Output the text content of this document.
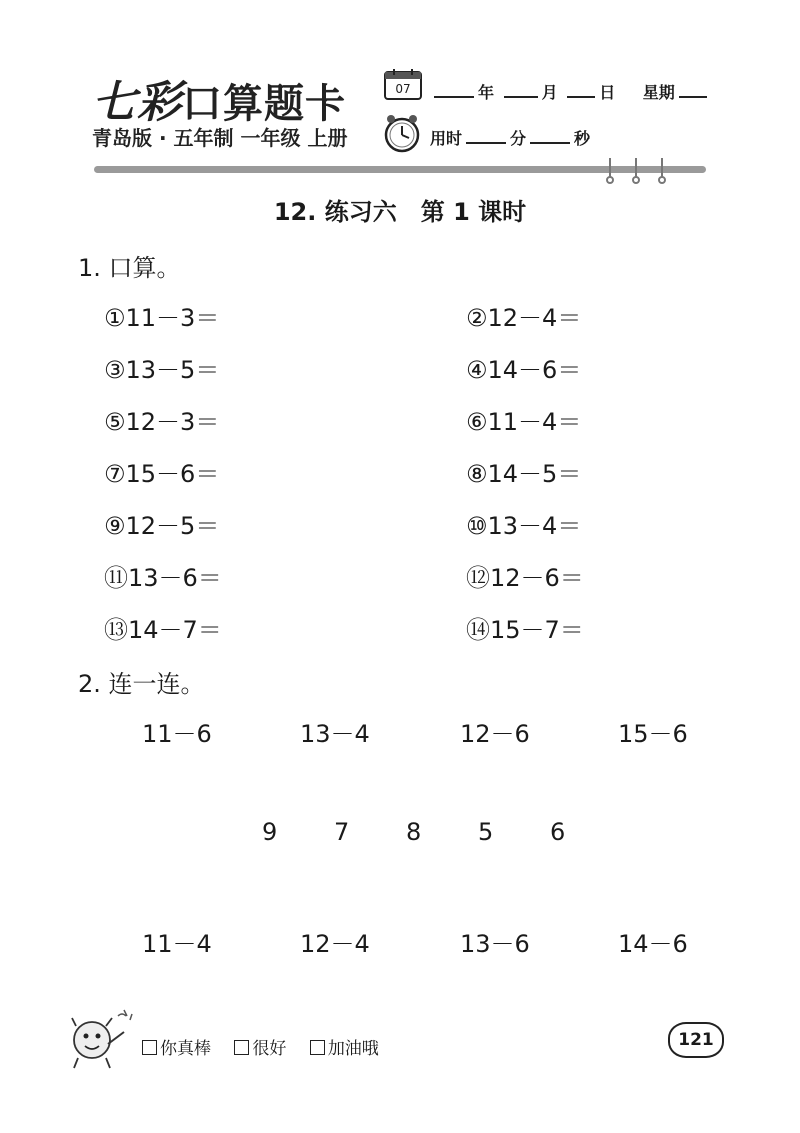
七彩口算题卡
青岛版 · 五年制 一年级 上册
07	年	月	日 星期
用时	分	秒
12. 练习六　第 1 课时
1. 口算。
①11－3＝	②12－4＝
③13－5＝	④14－6＝
⑤12－3＝	⑥11－4＝
⑦15－6＝	⑧14－5＝
⑨12－5＝	⑩13－4＝
⑪13－6＝	⑫12－6＝
⑬14－7＝	⑭15－7＝
2. 连一连。
11－6	13－4	12－6	15－6
9 7 8 5 6
11－4	12－4	13－6	14－6
你真棒 很好 加油哦	121
